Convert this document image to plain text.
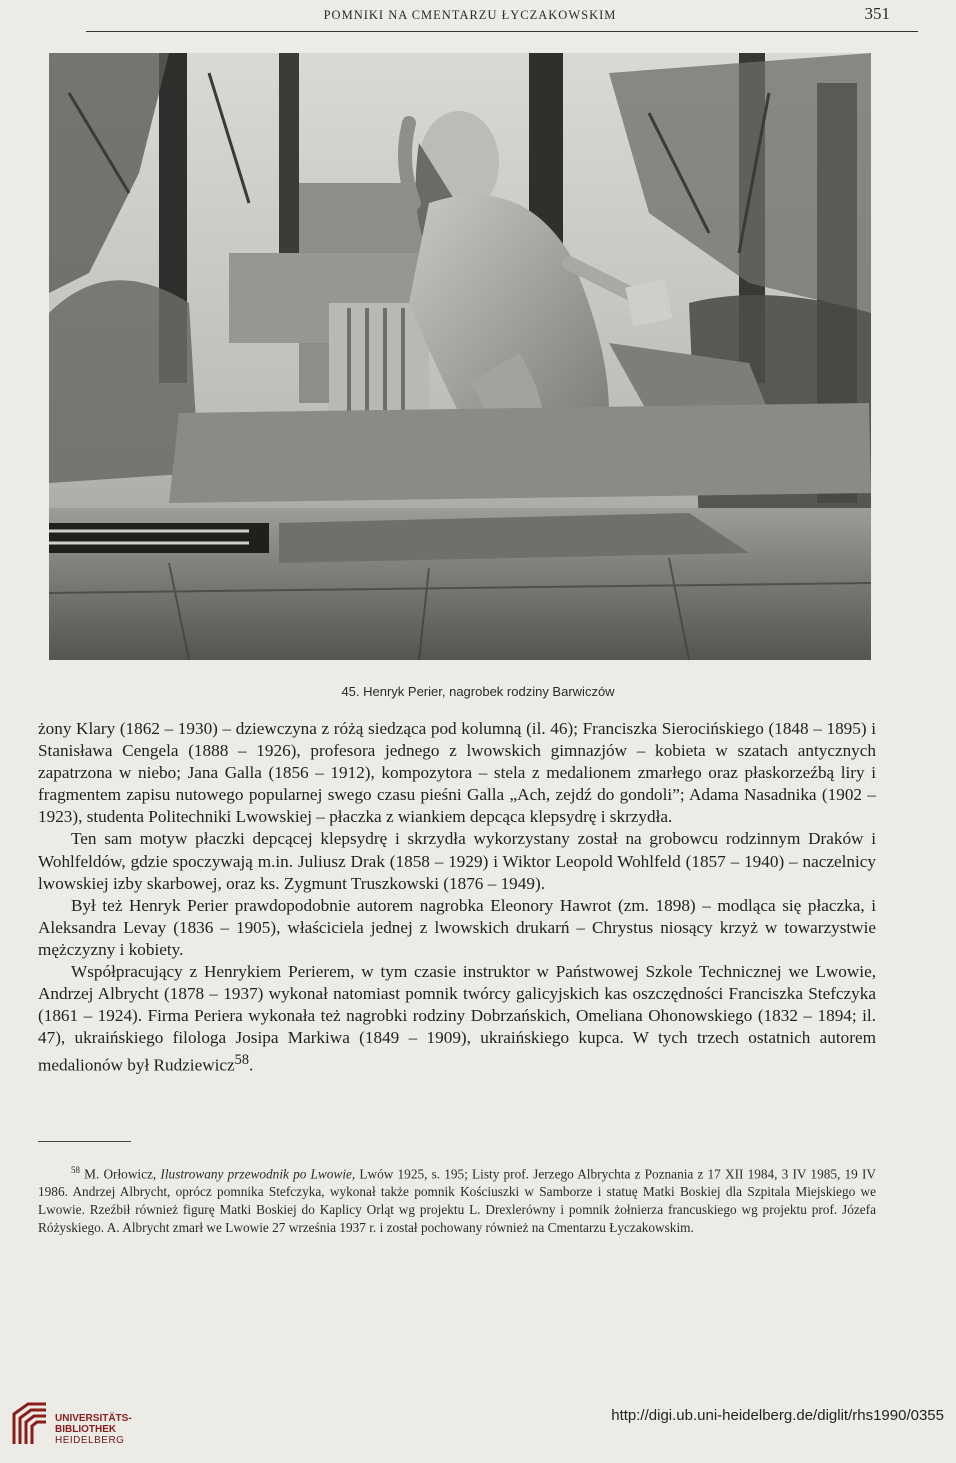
POMNIKI NA CMENTARZU ŁYCZAKOWSKIM	351
45. Henryk Perier, nagrobek rodziny Barwiczów

żony Klary (1862 – 1930) – dziewczyna z różą siedząca pod kolumną (il. 46); Franciszka Sierocińskiego (1848 – 1895) i Stanisława Cengela (1888 – 1926), profesora jednego z lwowskich gimnazjów – kobieta w szatach antycznych zapatrzona w niebo; Jana Galla (1856 – 1912), kompozytora – stela z medalionem zmarłego oraz płaskorzeźbą liry i fragmentem zapisu nutowego popularnej swego czasu pieśni Galla „Ach, zejdź do gondoli”; Adama Nasadnika (1902 – 1923), studenta Politechniki Lwowskiej – płaczka z wiankiem depcąca klepsydrę i skrzydła.

Ten sam motyw płaczki depcącej klepsydrę i skrzydła wykorzystany został na grobowcu rodzinnym Draków i Wohlfeldów, gdzie spoczywają m.in. Juliusz Drak (1858 – 1929) i Wiktor Leopold Wohlfeld (1857 – 1940) – naczelnicy lwowskiej izby skarbowej, oraz ks. Zygmunt Truszkowski (1876 – 1949).

Był też Henryk Perier prawdopodobnie autorem nagrobka Eleonory Hawrot (zm. 1898) – modląca się płaczka, i Aleksandra Levay (1836 – 1905), właściciela jednej z lwowskich drukarń – Chrystus niosący krzyż w towarzystwie mężczyzny i kobiety.

Współpracujący z Henrykiem Perierem, w tym czasie instruktor w Państwowej Szkole Technicznej we Lwowie, Andrzej Albrycht (1878 – 1937) wykonał natomiast pomnik twórcy galicyjskich kas oszczędności Franciszka Stefczyka (1861 – 1924). Firma Periera wykonała też nagrobki rodziny Dobrzańskich, Omeliana Ohonowskiego (1832 – 1894; il. 47), ukraińskiego filologa Josipa Markiwa (1849 – 1909), ukraińskiego kupca. W tych trzech ostatnich autorem medalionów był Rudziewicz$^{58}$.

$^{58}$ M. Orłowicz, Ilustrowany przewodnik po Lwowie, Lwów 1925, s. 195; Listy prof. Jerzego Albrychta z Poznania z 17 XII 1984, 3 IV 1985, 19 IV 1986. Andrzej Albrycht, oprócz pomnika Stefczyka, wykonał także pomnik Kościuszki w Samborze i statuę Matki Boskiej dla Szpitala Miejskiego we Lwowie. Rzeźbił również figurę Matki Boskiej do Kaplicy Orląt wg projektu L. Drexlerówny i pomnik żołnierza francuskiego wg projektu prof. Józefa Różyskiego. A. Albrycht zmarł we Lwowie 27 września 1937 r. i został pochowany również na Cmentarzu Łyczakowskim.

UNIVERSITÄTS-
BIBLIOTHEK
HEIDELBERG
http://digi.ub.uni-heidelberg.de/diglit/rhs1990/0355
